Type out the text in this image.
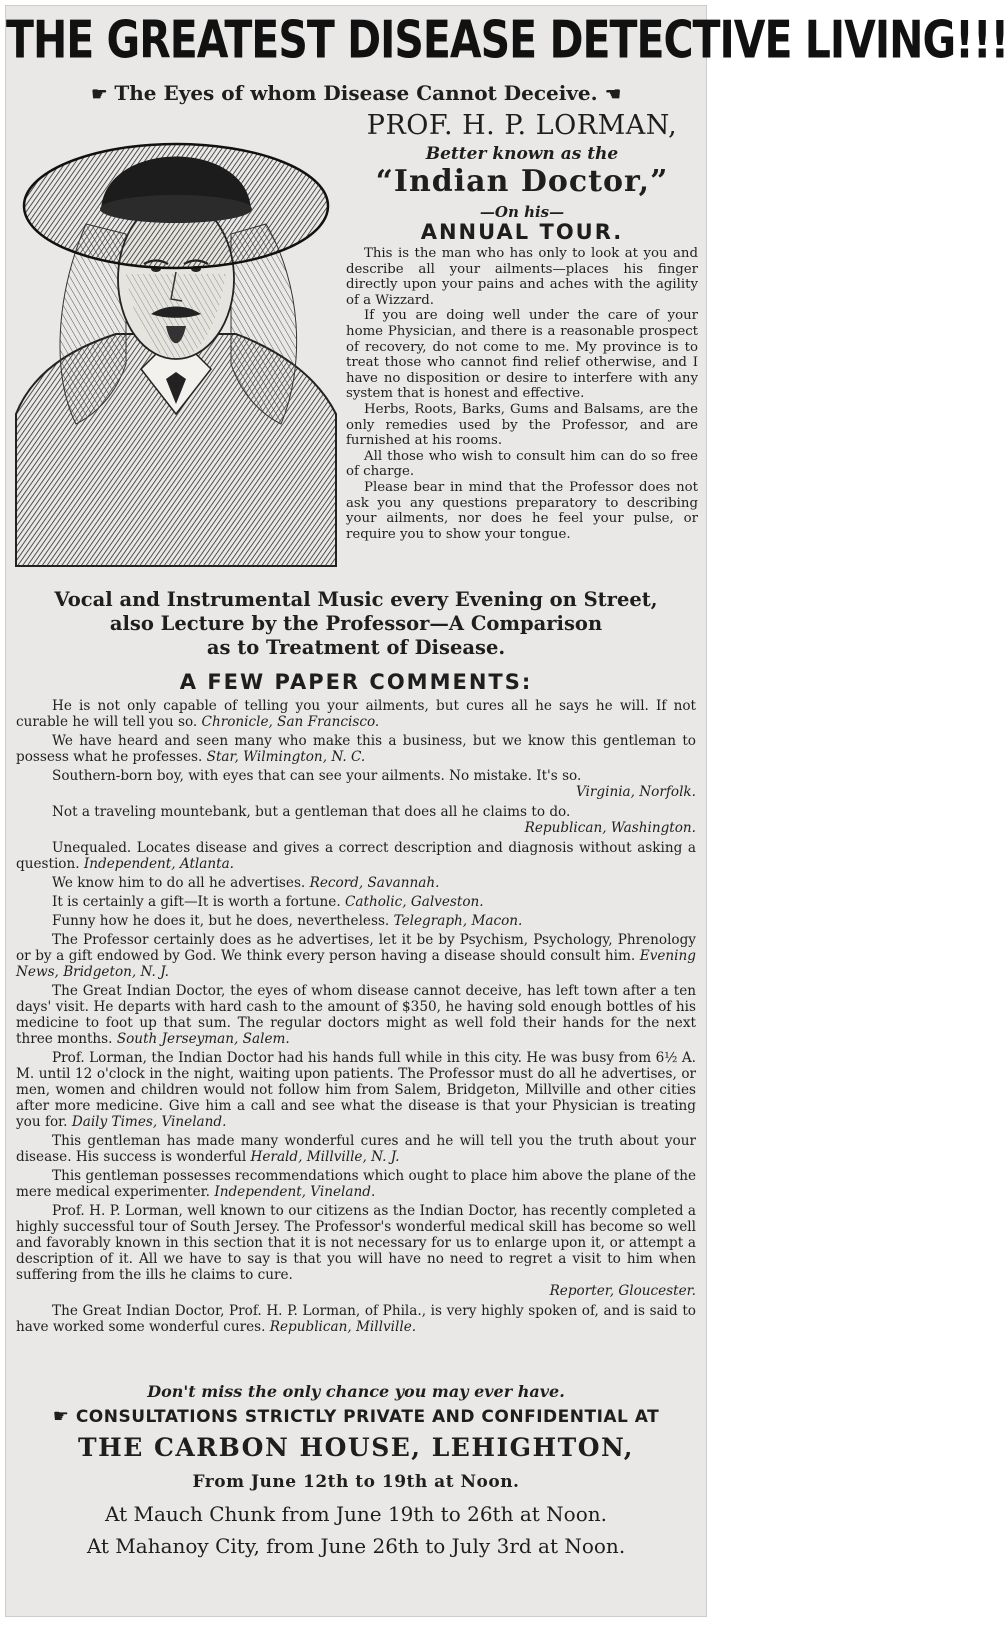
THE GREATEST DISEASE DETECTIVE LIVING!!!
☛ The Eyes of whom Disease Cannot Deceive. ☛
PROF. H. P. LORMAN,
Better known as the
“Indian Doctor,”
—On his—
ANNUAL TOUR.

This is the man who has only to look at you and describe all your ailments—places his finger directly upon your pains and aches with the agility of a Wizzard.

If you are doing well under the care of your home Physician, and there is a reasonable prospect of recovery, do not come to me. My province is to treat those who cannot find relief otherwise, and I have no disposition or desire to interfere with any system that is honest and effective.

Herbs, Roots, Barks, Gums and Balsams, are the only remedies used by the Professor, and are furnished at his rooms.

All those who wish to consult him can do so free of charge.

Please bear in mind that the Professor does not ask you any questions preparatory to describing your ailments, nor does he feel your pulse, or require you to show your tongue.

Vocal and Instrumental Music every Evening on Street,
also Lecture by the Professor—A Comparison
as to Treatment of Disease.
A FEW PAPER COMMENTS:

He is not only capable of telling you your ailments, but cures all he says he will. If not curable he will tell you so. Chronicle, San Francisco.

We have heard and seen many who make this a business, but we know this gentleman to possess what he professes. Star, Wilmington, N. C.

Southern-born boy, with eyes that can see your ailments. No mistake. It's so.

Virginia, Norfolk.

Not a traveling mountebank, but a gentleman that does all he claims to do.

Republican, Washington.

Unequaled. Locates disease and gives a correct description and diagnosis without asking a question. Independent, Atlanta.

We know him to do all he advertises. Record, Savannah.

It is certainly a gift—It is worth a fortune. Catholic, Galveston.

Funny how he does it, but he does, nevertheless. Telegraph, Macon.

The Professor certainly does as he advertises, let it be by Psychism, Psychology, Phrenology or by a gift endowed by God. We think every person having a disease should consult him. Evening News, Bridgeton, N. J.

The Great Indian Doctor, the eyes of whom disease cannot deceive, has left town after a ten days' visit. He departs with hard cash to the amount of $350, he having sold enough bottles of his medicine to foot up that sum. The regular doctors might as well fold their hands for the next three months. South Jerseyman, Salem.

Prof. Lorman, the Indian Doctor had his hands full while in this city. He was busy from 6½ A. M. until 12 o'clock in the night, waiting upon patients. The Professor must do all he advertises, or men, women and children would not follow him from Salem, Bridgeton, Millville and other cities after more medicine. Give him a call and see what the disease is that your Physician is treating you for. Daily Times, Vineland.

This gentleman has made many wonderful cures and he will tell you the truth about your disease. His success is wonderful Herald, Millville, N. J.

This gentleman possesses recommendations which ought to place him above the plane of the mere medical experimenter. Independent, Vineland.

Prof. H. P. Lorman, well known to our citizens as the Indian Doctor, has recently completed a highly successful tour of South Jersey. The Professor's wonderful medical skill has become so well and favorably known in this section that it is not necessary for us to enlarge upon it, or attempt a description of it. All we have to say is that you will have no need to regret a visit to him when suffering from the ills he claims to cure.

Reporter, Gloucester.

The Great Indian Doctor, Prof. H. P. Lorman, of Phila., is very highly spoken of, and is said to have worked some wonderful cures. Republican, Millville.

Don't miss the only chance you may ever have.
☛ CONSULTATIONS STRICTLY PRIVATE AND CONFIDENTIAL AT
THE CARBON HOUSE, LEHIGHTON,
From June 12th to 19th at Noon.
At Mauch Chunk from June 19th to 26th at Noon.
At Mahanoy City, from June 26th to July 3rd at Noon.
